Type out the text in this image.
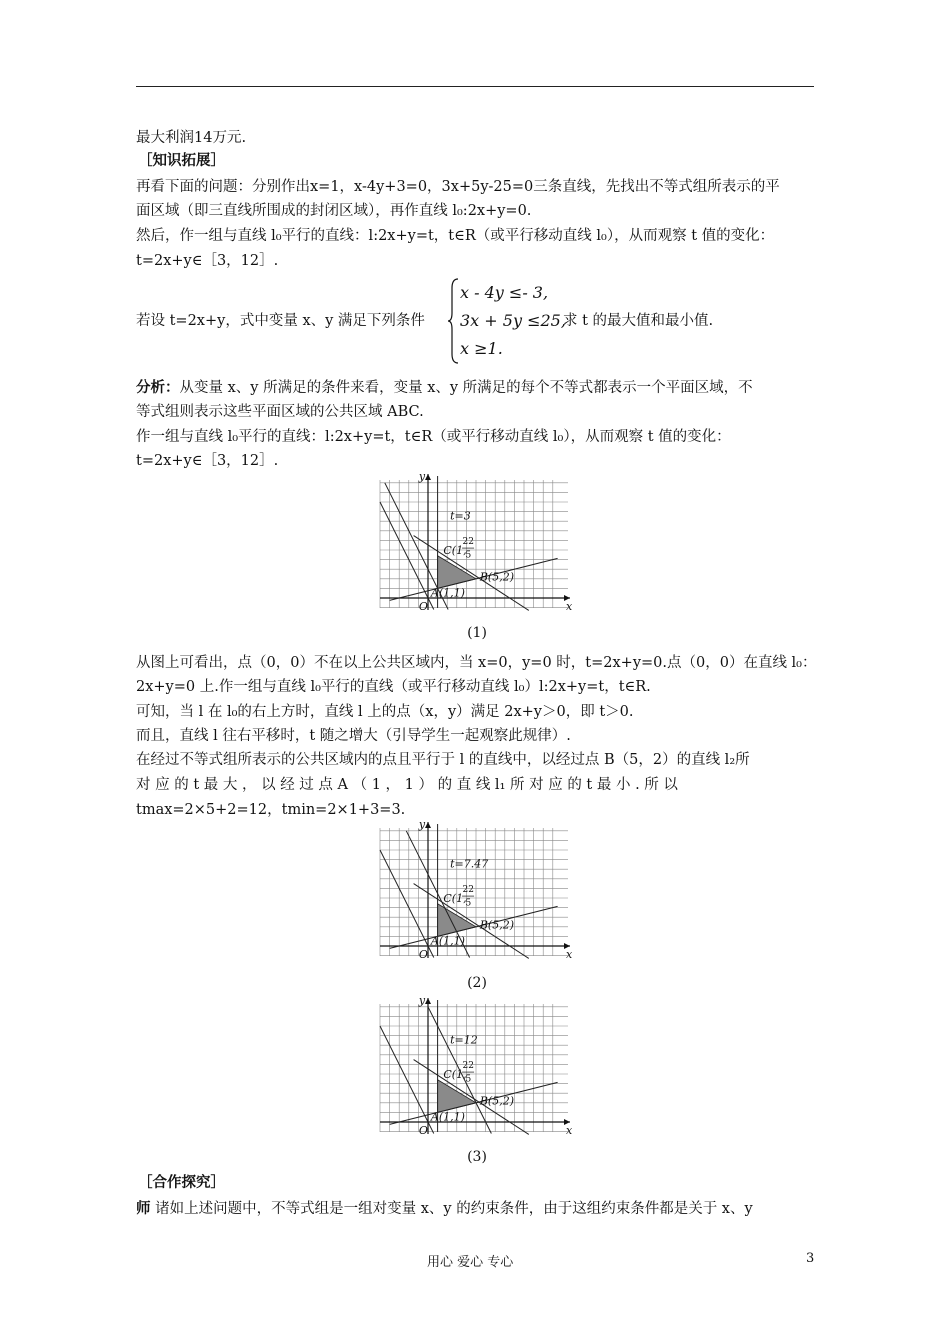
最大利润14万元.
［知识拓展］
再看下面的问题：分别作出x=1，x-4y+3=0，3x+5y-25=0三条直线，先找出不等式组所表示的平
面区域（即三直线所围成的封闭区域），再作直线 l₀:2x+y=0.
然后，作一组与直线 l₀平行的直线：l:2x+y=t，t∈R（或平行移动直线 l₀），从而观察 t 值的变化：
t=2x+y∈［3，12］.
若设 t=2x+y，式中变量 x、y 满足下列条件
x - 4y ≤- 3,
3x + 5y ≤25,
x ≥1.
求 t 的最大值和最小值.
分析：从变量 x、y 所满足的条件来看，变量 x、y 所满足的每个不等式都表示一个平面区域，不
等式组则表示这些平面区域的公共区域 ABC.
作一组与直线 l₀平行的直线：l:2x+y=t，t∈R（或平行移动直线 l₀），从而观察 t 值的变化：
t=2x+y∈［3，12］.
t=3
C(1,
22
5
B(5,2)
A(1,1)
O	x
y
(1)
从图上可看出，点（0，0）不在以上公共区域内，当 x=0，y=0 时，t=2x+y=0.点（0，0）在直线 l₀：
2x+y=0 上.作一组与直线 l₀平行的直线（或平行移动直线 l₀）l:2x+y=t，t∈R.
可知，当 l 在 l₀的右上方时，直线 l 上的点（x，y）满足 2x+y＞0，即 t＞0.
而且，直线 l 往右平移时，t 随之增大（引导学生一起观察此规律）.
在经过不等式组所表示的公共区域内的点且平行于 l 的直线中，以经过点 B（5，2）的直线 l₂所
对 应 的 t 最 大 ， 以 经 过 点 A （ 1 ， 1 ） 的 直 线 l₁ 所 对 应 的 t 最 小 . 所 以
tmax=2×5+2=12，tmin=2×1+3=3.
t=7.47
C(1,
22
5
B(5,2)
A(1,1)
O	x
y
(2)
t=12
C(1,
22
5
B(5,2)
A(1,1)
O	x
y
(3)
［合作探究］
师 诸如上述问题中，不等式组是一组对变量 x、y 的约束条件，由于这组约束条件都是关于 x、y
用心 爱心 专心	3
